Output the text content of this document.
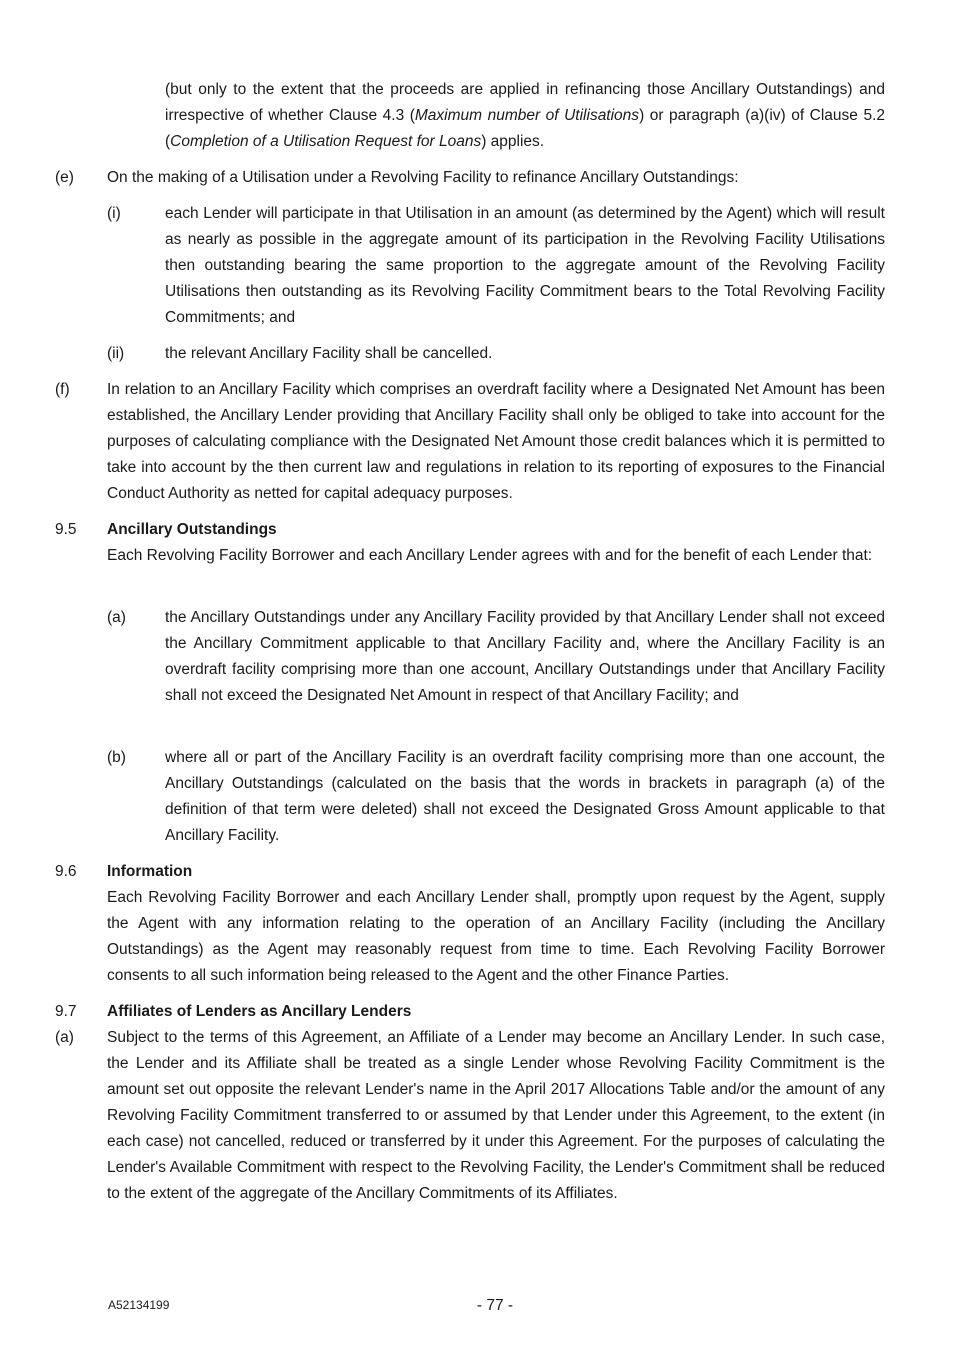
(but only to the extent that the proceeds are applied in refinancing those Ancillary Outstandings) and irrespective of whether Clause 4.3 (Maximum number of Utilisations) or paragraph (a)(iv) of Clause 5.2 (Completion of a Utilisation Request for Loans) applies.

(e) On the making of a Utilisation under a Revolving Facility to refinance Ancillary Outstandings:

(i)	each Lender will participate in that Utilisation in an amount (as determined by the Agent) which will result as nearly as possible in the aggregate amount of its participation in the Revolving Facility Utilisations then outstanding bearing the same proportion to the aggregate amount of the Revolving Facility Utilisations then outstanding as its Revolving Facility Commitment bears to the Total Revolving Facility Commitments; and

(ii)	the relevant Ancillary Facility shall be cancelled.

(f) In relation to an Ancillary Facility which comprises an overdraft facility where a Designated Net Amount has been established, the Ancillary Lender providing that Ancillary Facility shall only be obliged to take into account for the purposes of calculating compliance with the Designated Net Amount those credit balances which it is permitted to take into account by the then current law and regulations in relation to its reporting of exposures to the Financial Conduct Authority as netted for capital adequacy purposes.

9.5 Ancillary Outstandings

Each Revolving Facility Borrower and each Ancillary Lender agrees with and for the benefit of each Lender that:

(a)	the Ancillary Outstandings under any Ancillary Facility provided by that Ancillary Lender shall not exceed the Ancillary Commitment applicable to that Ancillary Facility and, where the Ancillary Facility is an overdraft facility comprising more than one account, Ancillary Outstandings under that Ancillary Facility shall not exceed the Designated Net Amount in respect of that Ancillary Facility; and

(b)	where all or part of the Ancillary Facility is an overdraft facility comprising more than one account, the Ancillary Outstandings (calculated on the basis that the words in brackets in paragraph (a) of the definition of that term were deleted) shall not exceed the Designated Gross Amount applicable to that Ancillary Facility.

9.6 Information

Each Revolving Facility Borrower and each Ancillary Lender shall, promptly upon request by the Agent, supply the Agent with any information relating to the operation of an Ancillary Facility (including the Ancillary Outstandings) as the Agent may reasonably request from time to time. Each Revolving Facility Borrower consents to all such information being released to the Agent and the other Finance Parties.

9.7 Affiliates of Lenders as Ancillary Lenders
(a) Subject to the terms of this Agreement, an Affiliate of a Lender may become an Ancillary Lender. In such case, the Lender and its Affiliate shall be treated as a single Lender whose Revolving Facility Commitment is the amount set out opposite the relevant Lender's name in the April 2017 Allocations Table and/or the amount of any Revolving Facility Commitment transferred to or assumed by that Lender under this Agreement, to the extent (in each case) not cancelled, reduced or transferred by it under this Agreement. For the purposes of calculating the Lender's Available Commitment with respect to the Revolving Facility, the Lender's Commitment shall be reduced to the extent of the aggregate of the Ancillary Commitments of its Affiliates.

A52134199	- 77 -
